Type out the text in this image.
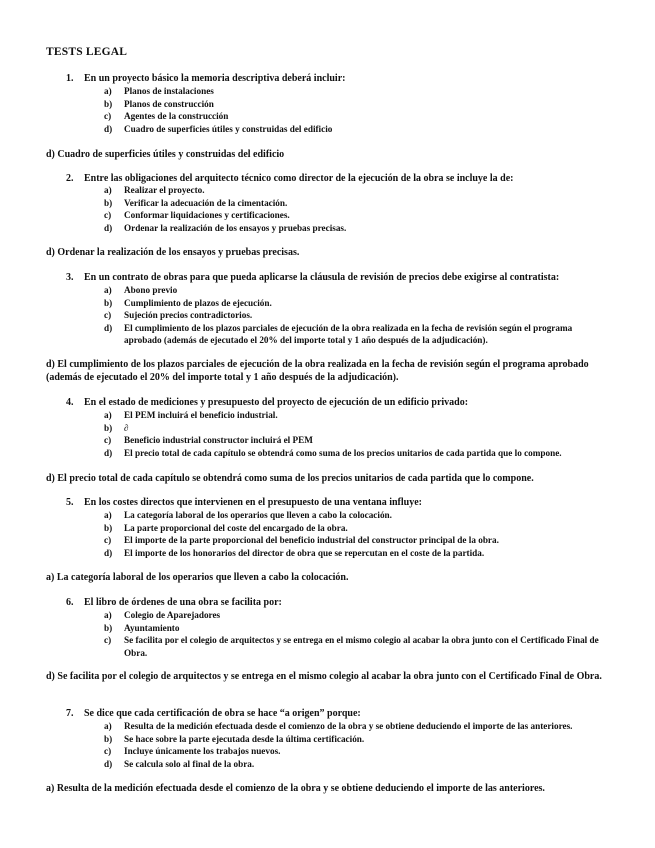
TESTS LEGAL
1. En un proyecto básico la memoria descriptiva deberá incluir:
a)	Planos de instalaciones
b)	Planos de construcción
c)	Agentes de la construcción
d)	Cuadro de superficies útiles y construidas del edificio
d) Cuadro de superficies útiles y construidas del edificio
2. Entre las obligaciones del arquitecto técnico como director de la ejecución de la obra se incluye la de:
a)	Realizar el proyecto.
b)	Verificar la adecuación de la cimentación.
c)	Conformar liquidaciones y certificaciones.
d)	Ordenar la realización de los ensayos y pruebas precisas.
d) Ordenar la realización de los ensayos y pruebas precisas.
3. En un contrato de obras para que pueda aplicarse la cláusula de revisión de precios debe exigirse al contratista:
a)	Abono previo
b)	Cumplimiento de plazos de ejecución.
c)	Sujeción precios contradictorios.
d)	El cumplimiento de los plazos parciales de ejecución de la obra realizada en la fecha de revisión según el programa aprobado (además de ejecutado el 20% del importe total y 1 año después de la adjudicación).
d) El cumplimiento de los plazos parciales de ejecución de la obra realizada en la fecha de revisión según el programa aprobado (además de ejecutado el 20% del importe total y 1 año después de la adjudicación).
4. En el estado de mediciones y presupuesto del proyecto de ejecución de un edificio privado:
a)	El PEM incluirá el beneficio industrial.
b)	∂
c)	Beneficio industrial constructor incluirá el PEM
d)	El precio total de cada capítulo se obtendrá como suma de los precios unitarios de cada partida que lo compone.
d) El precio total de cada capítulo se obtendrá como suma de los precios unitarios de cada partida que lo compone.
5. En los costes directos que intervienen en el presupuesto de una ventana influye:
a)	La categoría laboral de los operarios que lleven a cabo la colocación.
b)	La parte proporcional del coste del encargado de la obra.
c)	El importe de la parte proporcional del beneficio industrial del constructor principal de la obra.
d)	El importe de los honorarios del director de obra que se repercutan en el coste de la partida.
a) La categoría laboral de los operarios que lleven a cabo la colocación.
6. El libro de órdenes de una obra se facilita por:
a)	Colegio de Aparejadores
b)	Ayuntamiento
c)	Se facilita por el colegio de arquitectos y se entrega en el mismo colegio al acabar la obra junto con el Certificado Final de Obra.
d) Se facilita por el colegio de arquitectos y se entrega en el mismo colegio al acabar la obra junto con el Certificado Final de Obra.
7. Se dice que cada certificación de obra se hace “a origen” porque:
a)	Resulta de la medición efectuada desde el comienzo de la obra y se obtiene deduciendo el importe de las anteriores.
b)	Se hace sobre la parte ejecutada desde la última certificación.
c)	Incluye únicamente los trabajos nuevos.
d)	Se calcula solo al final de la obra.
a) Resulta de la medición efectuada desde el comienzo de la obra y se obtiene deduciendo el importe de las anteriores.
